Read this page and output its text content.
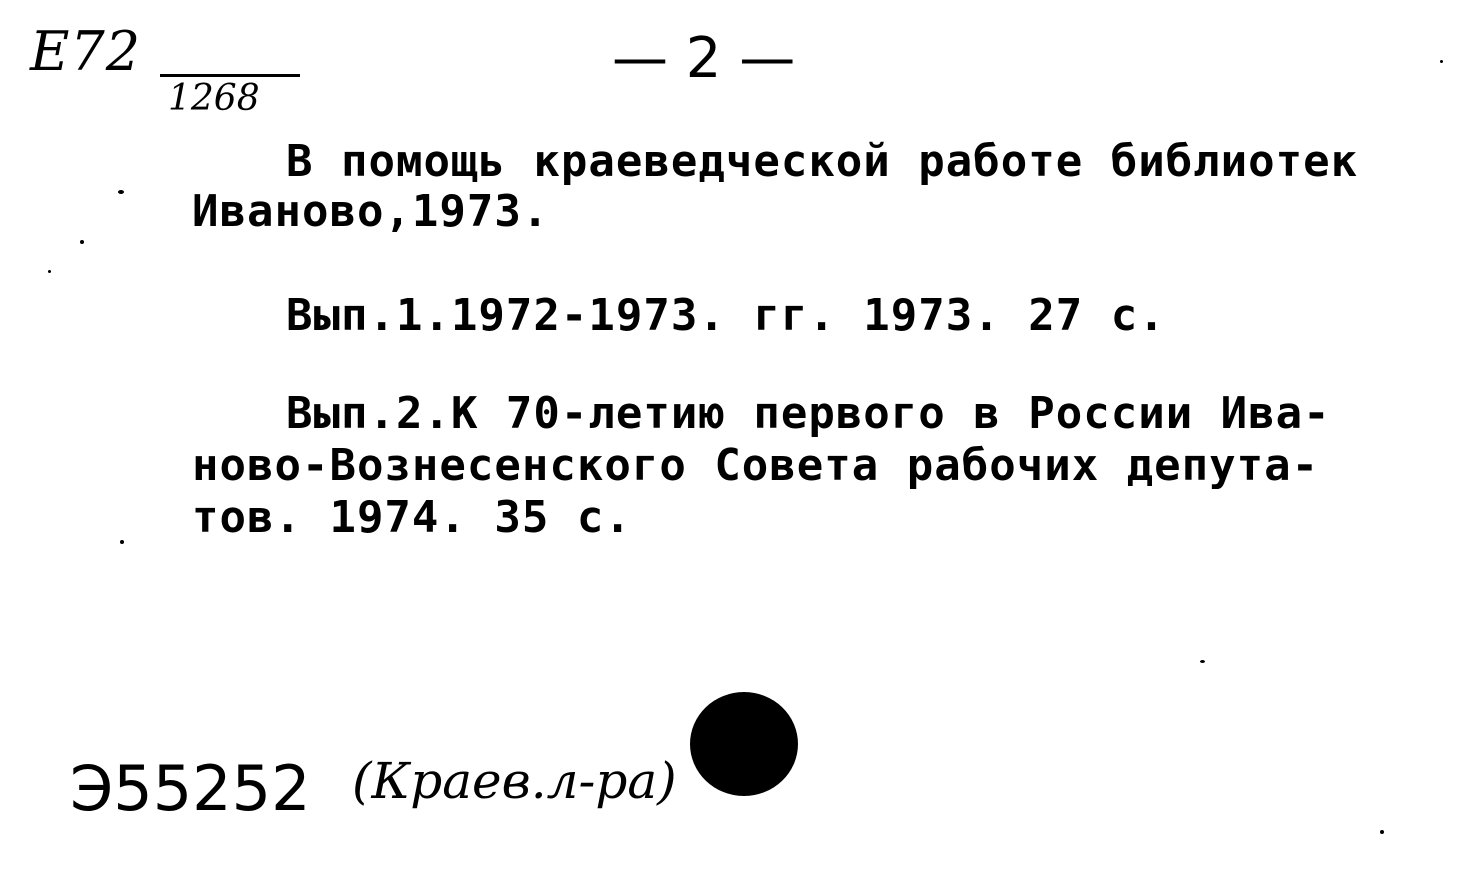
Е72
1268
— 2 —
В помощь краеведческой работе библиотек
Иваново,1973.
Вып.1.1972-1973. гг. 1973. 27 с.
Вып.2.К 70-летию первого в России Ива-
ново-Вознесенского Совета рабочих депута-
тов. 1974. 35 с.
Э55252 (Краев.л-ра)
